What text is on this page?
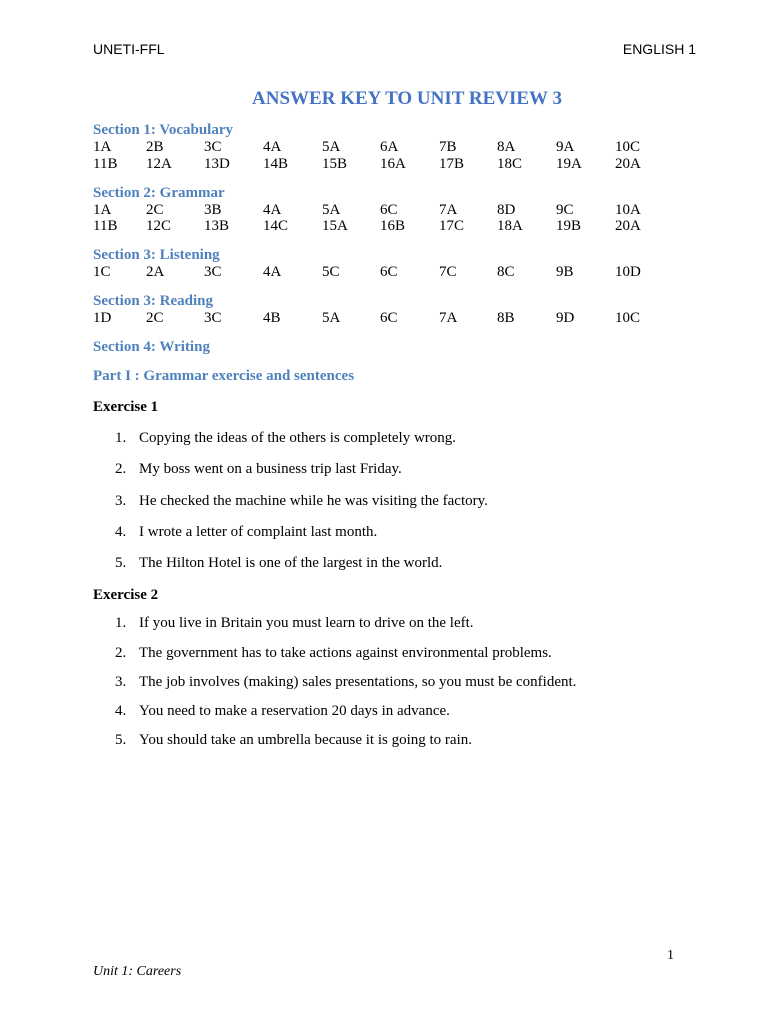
UNETI-FFL	ENGLISH 1
ANSWER KEY TO UNIT REVIEW 3
Section 1: Vocabulary
1A 2B	3C	4A	5A	6A	7B	8A	9A	10C
11B 12A 13D 14B 15B 16A 17B 18C 19A 20A
Section 2: Grammar
1A 2C	3B	4A	5A	6C	7A	8D	9C	10A
11B 12C 13B 14C 15A 16B 17C 18A 19B 20A
Section 3: Listening
1C 2A	3C	4A	5C	6C	7C	8C	9B	10D
Section 3: Reading
1D 2C	3C	4B	5A	6C	7A	8B	9D	10C
Section 4: Writing
Part I : Grammar exercise and sentences
Exercise 1
1. Copying the ideas of the others is completely wrong.
2. My boss went on a business trip last Friday.
3. He checked the machine while he was visiting the factory.
4. I wrote a letter of complaint last month.
5. The Hilton Hotel is one of the largest in the world.
Exercise 2
1. If you live in Britain you must learn to drive on the left.
2. The government has to take actions against environmental problems.
3. The job involves (making) sales presentations, so you must be confident.
4. You need to make a reservation 20 days in advance.
5. You should take an umbrella because it is going to rain.
1
Unit 1: Careers
